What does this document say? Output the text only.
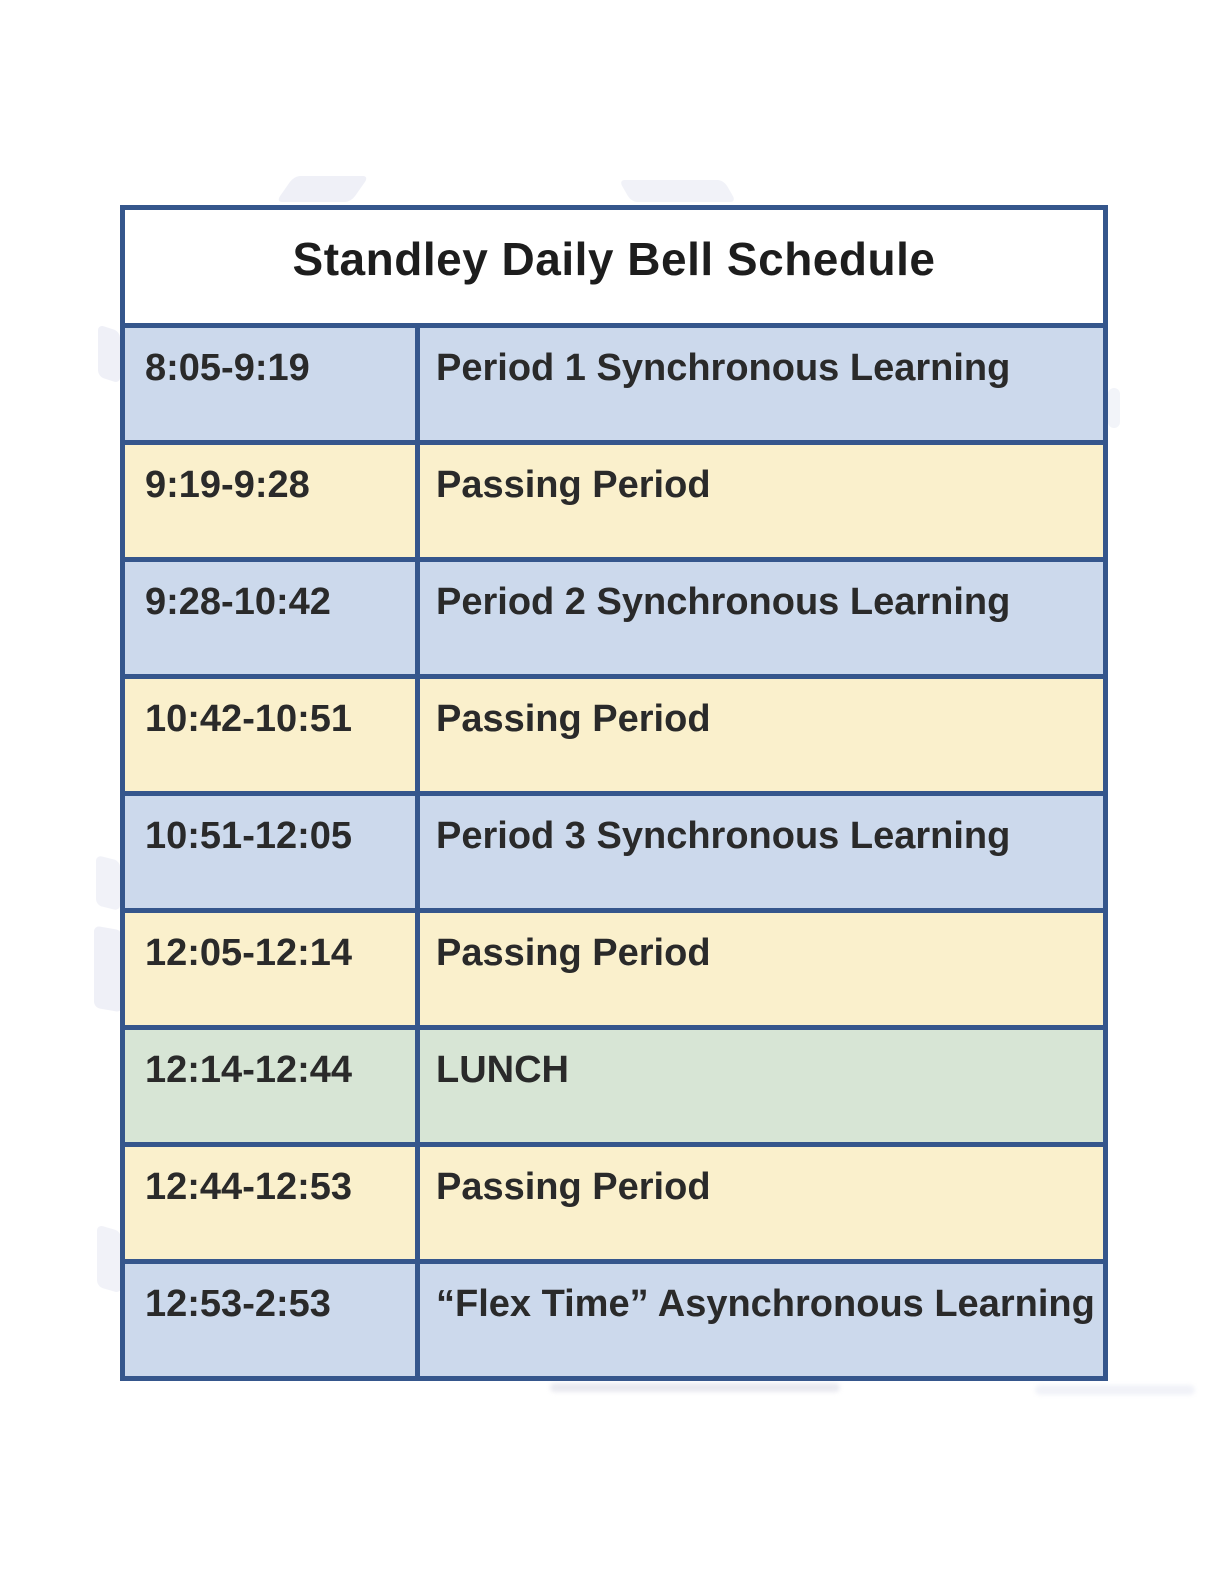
Standley Daily Bell Schedule
8:05-9:19	Period 1 Synchronous Learning
9:19-9:28	Passing Period
9:28-10:42	Period 2 Synchronous Learning
10:42-10:51	Passing Period
10:51-12:05	Period 3 Synchronous Learning
12:05-12:14	Passing Period
12:14-12:44	LUNCH
12:44-12:53	Passing Period
12:53-2:53	“Flex Time” Asynchronous Learning
